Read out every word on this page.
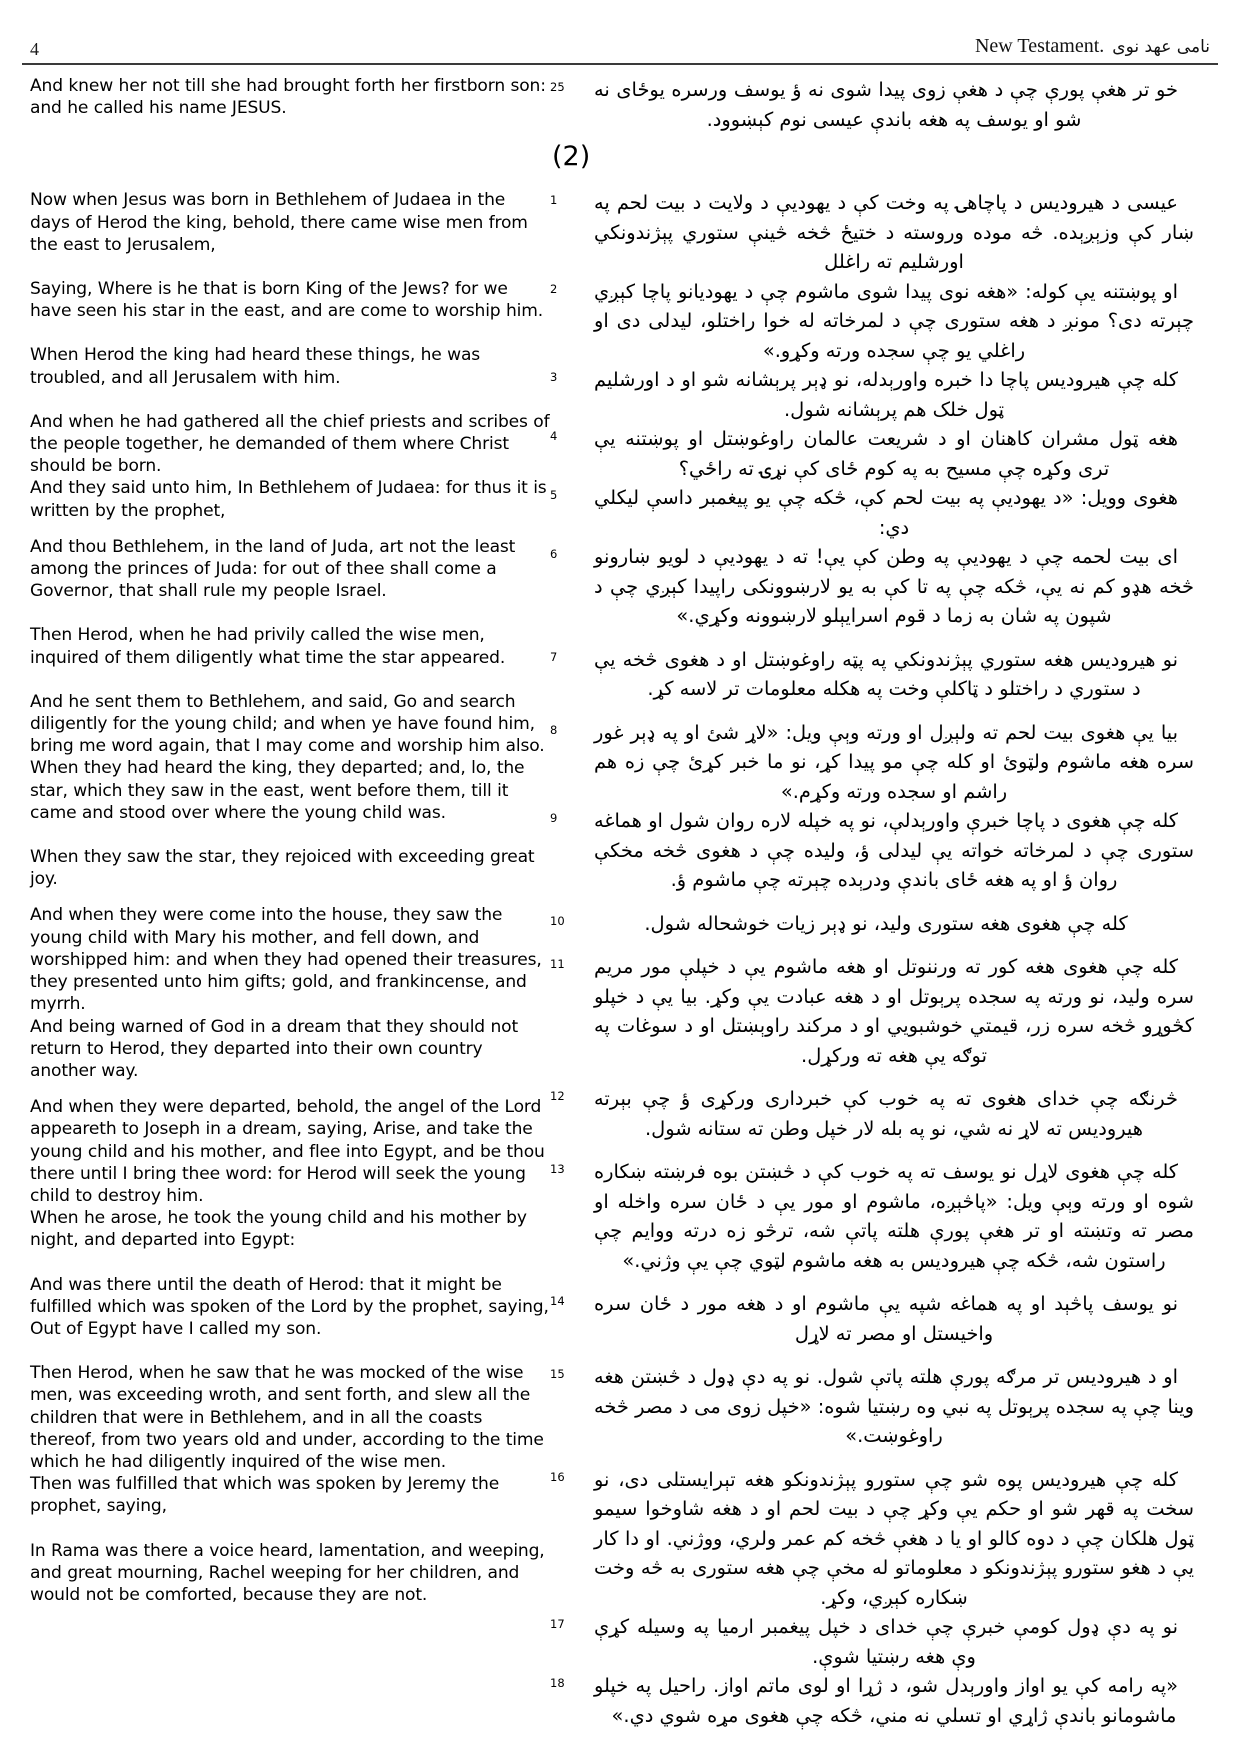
4	نامی عهد نوی
New Testament.

And knew her not till she had brought forth her firstborn son: and he called his name JESUS.

Now when Jesus was born in Bethlehem of Judaea in the days of Herod the king, behold, there came wise men from the east to Jerusalem,

Saying, Where is he that is born King of the Jews? for we have seen his star in the east, and are come to worship him.

When Herod the king had heard these things, he was troubled, and all Jerusalem with him.

And when he had gathered all the chief priests and scribes of the people together, he demanded of them where Christ should be born.

And they said unto him, In Bethlehem of Judaea: for thus it is written by the prophet,

And thou Bethlehem, in the land of Juda, art not the least among the princes of Juda: for out of thee shall come a Governor, that shall rule my people Israel.

Then Herod, when he had privily called the wise men, inquired of them diligently what time the star appeared.

And he sent them to Bethlehem, and said, Go and search diligently for the young child; and when ye have found him, bring me word again, that I may come and worship him also.

When they had heard the king, they departed; and, lo, the star, which they saw in the east, went before them, till it came and stood over where the young child was.

When they saw the star, they rejoiced with exceeding great joy.

And when they were come into the house, they saw the young child with Mary his mother, and fell down, and worshipped him: and when they had opened their treasures, they presented unto him gifts; gold, and frankincense, and myrrh.

And being warned of God in a dream that they should not return to Herod, they departed into their own country another way.

And when they were departed, behold, the angel of the Lord appeareth to Joseph in a dream, saying, Arise, and take the young child and his mother, and flee into Egypt, and be thou there until I bring thee word: for Herod will seek the young child to destroy him.

When he arose, he took the young child and his mother by night, and departed into Egypt:

And was there until the death of Herod: that it might be fulfilled which was spoken of the Lord by the prophet, saying, Out of Egypt have I called my son.

Then Herod, when he saw that he was mocked of the wise men, was exceeding wroth, and sent forth, and slew all the children that were in Bethlehem, and in all the coasts thereof, from two years old and under, according to the time which he had diligently inquired of the wise men.

Then was fulfilled that which was spoken by Jeremy the prophet, saying,

In Rama was there a voice heard, lamentation, and weeping, and great mourning, Rachel weeping for her children, and would not be comforted, because they are not.

خو تر هغې پورې چې د هغې زوی پیدا شوی نه ؤ یوسف ورسره یوځای نه شو او یوسف په هغه باندې عیسی نوم کېښوود.
25
(2)
عیسی د هیرودیس د پاچاهۍ په وخت کې د یهودیې د ولایت د بیت لحم په ښار کې وزېږېده. څه موده وروسته د ختیځ څخه څینې ستوري پېژندونکي اورشلیم ته راغلل
1
او پوښتنه یې کوله: «هغه نوی پیدا شوی ماشوم چې د یهودیانو پاچا کېږي چېرته دی؟ مونږ د هغه ستوری چې د لمرخاته له خوا راختلو، لیدلی دی او راغلي یو چې سجده ورته وکړو.»
2
کله چې هیرودیس پاچا دا خبره واورېدله، نو ډېر پرېشانه شو او د اورشلیم ټول خلک هم پرېشانه شول.
3
هغه ټول مشران کاهنان او د شریعت عالمان راوغوښتل او پوښتنه یې تری وکړه چې مسیح به په کوم ځای کې نړۍ ته راځي؟
4
هغوی وویل: «د یهودیې په بیت لحم کې، څکه چې یو پیغمبر داسې لیکلي دي:
5
ای بیت لحمه چې د یهودیې په وطن کې یې! ته د یهودیې د لویو ښارونو څخه هډو کم نه یې، څکه چې په تا کې به یو لارښوونکی راپیدا کېږي چې د شپون په شان به زما د قوم اسرایېلو لارښوونه وکړي.»
6
نو هیرودیس هغه ستوري پېژندونکي په پټه راوغوښتل او د هغوی څخه یې د ستوري د راختلو د ټاکلې وخت په هکله معلومات تر لاسه کړ.
7
بیا یې هغوی بیت لحم ته ولېږل او ورته وېې ویل: «لاړ شئ او په ډېر غور سره هغه ماشوم ولټوئ او کله چې مو پیدا کړ، نو ما خبر کړئ چې زه هم راشم او سجده ورته وکړم.»
8
کله چې هغوی د پاچا خبرې واورېدلې، نو په خپله لاره روان شول او هماغه ستوری چې د لمرخاته خواته یې لیدلی ؤ، ولیده چې د هغوی څخه مخکې روان ؤ او په هغه ځای باندې ودرېده چېرته چې ماشوم ؤ.
9
کله چې هغوی هغه ستوری ولید، نو ډېر زیات خوشحاله شول.
10
کله چې هغوی هغه کور ته ورننوتل او هغه ماشوم یې د خپلې مور مریم سره ولید، نو ورته په سجده پرېوتل او د هغه عبادت یې وکړ. بیا یې د خپلو کڅوړو څخه سره زر، قیمتي خوشبویي او د مرکند راوېښتل او د سوغات په توګه یې هغه ته ورکړل.
11
څرنګه چې خدای هغوی ته په خوب کې خبرداری ورکړی ؤ چې بېرته هیرودیس ته لاړ نه شي، نو په بله لار خپل وطن ته ستانه شول.
12
کله چې هغوی لاړل نو یوسف ته په خوب کې د څښتن بوه فرښته ښکاره شوه او ورته وېې ویل: «پاڅېږه، ماشوم او مور یې د ځان سره واخله او مصر ته وتښته او تر هغې پورې هلته پاتې شه، ترڅو زه درته ووایم چې راستون شه، څکه چې هیرودیس به هغه ماشوم لټوي چې یې وژني.»
13
نو یوسف پاڅېد او په هماغه شپه یې ماشوم او د هغه مور د ځان سره واخیستل او مصر ته لاړل
14
او د هیرودیس تر مرګه پورې هلته پاتې شول. نو په دې ډول د څښتن هغه وینا چې په سجده پرېوتل په نبي وه رښتیا شوه: «خپل زوی می د مصر څخه راوغوښت.»
15
کله چې هیرودیس پوه شو چې ستورو پېژندونکو هغه تېرایستلی دی، نو سخت په قهر شو او حکم یې وکړ چې د بیت لحم او د هغه شاوخوا سیمو ټول هلکان چې د دوه کالو او یا د هغې څخه کم عمر ولري، ووژني. او دا کار یې د هغو ستورو پېژندونکو د معلوماتو له مخې چې هغه ستوری به څه وخت ښکاره کېږي، وکړ.
16
نو په دې ډول کومې خبرې چې خدای د خپل پیغمبر ارمیا په وسیله کړې وې هغه رښتیا شوې.
17
«په رامه کې یو اواز واورېدل شو، د ژړا او لوی ماتم اواز. راحیل په خپلو ماشومانو باندې ژاړي او تسلي نه مني، څکه چې هغوی مړه شوي دي.»
18
